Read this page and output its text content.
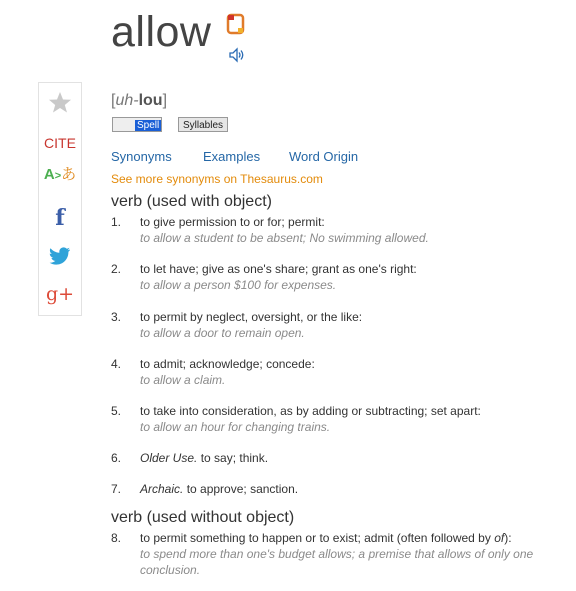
allow
CITE
A>あ
f
g+
[uh-lou]
Spell	Syllables
Synonyms Examples Word Origin
See more synonyms on Thesaurus.com
verb (used with object)
1. to give permission to or for; permit:
to allow a student to be absent; No swimming allowed.
2. to let have; give as one's share; grant as one's right:
to allow a person $100 for expenses.
3. to permit by neglect, oversight, or the like:
to allow a door to remain open.
4. to admit; acknowledge; concede:
to allow a claim.
5. to take into consideration, as by adding or subtracting; set apart:
to allow an hour for changing trains.
6. Older Use. to say; think.
7. Archaic. to approve; sanction.
verb (used without object)
8. to permit something to happen or to exist; admit (often followed by of):
to spend more than one's budget allows; a premise that allows of only one conclusion.
